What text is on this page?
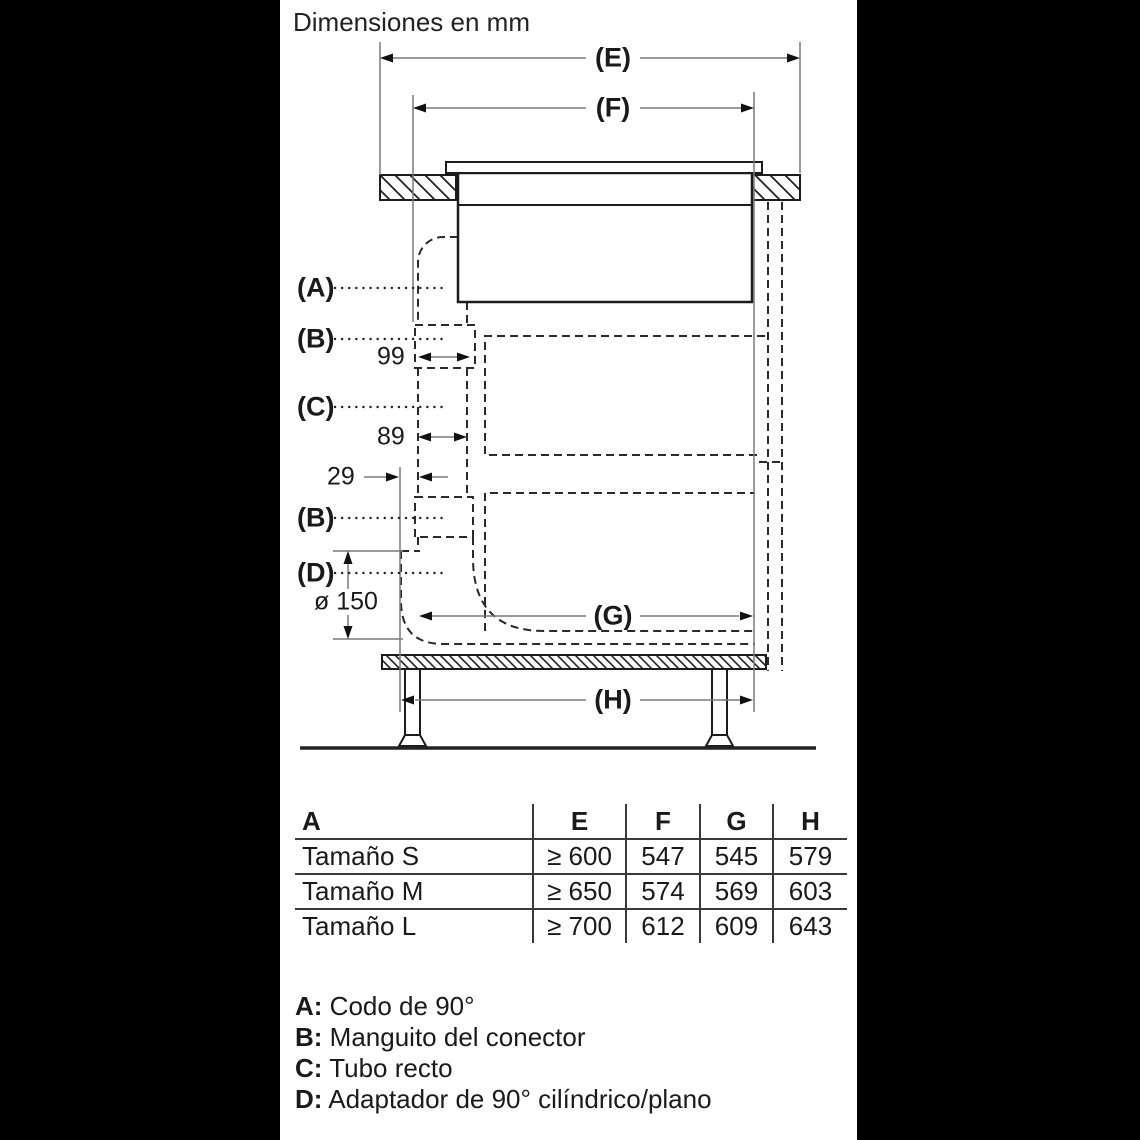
Dimensiones en mm
(E)
(F)
(G)
(H)
(A)
(B)
(C)
(B)
(D)
99
89
29
ø 150
A	E	F	G	H
Tamaño S	≥ 600	547	545	579
Tamaño M	≥ 650	574	569	603
Tamaño L	≥ 700	612	609	643
A: Codo de 90°
B: Manguito del conector
C: Tubo recto
D: Adaptador de 90° cilíndrico/plano
